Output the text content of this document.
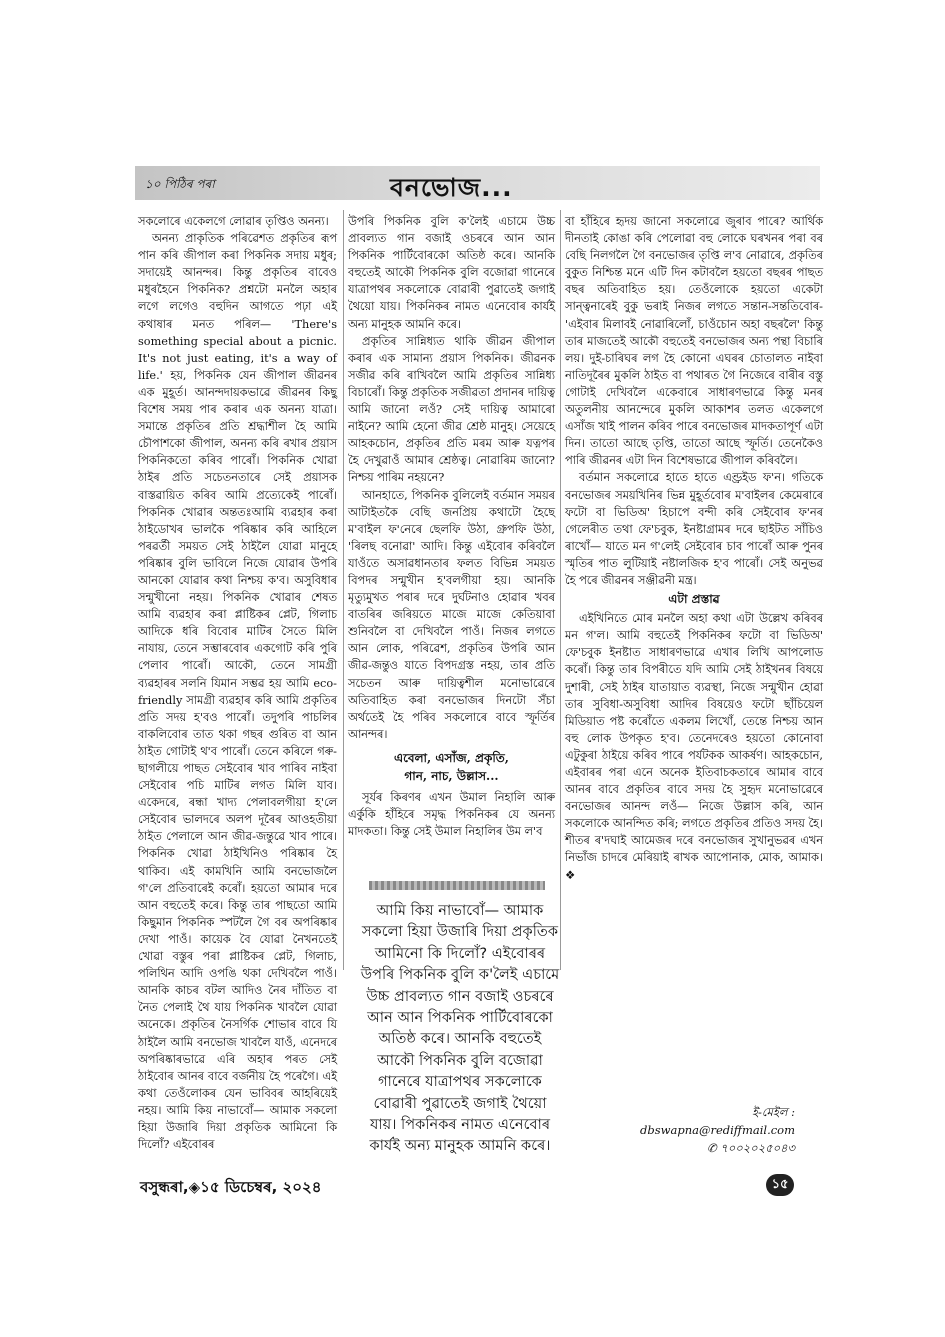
১০ পিঠিৰ পৰা	বনভোজ...

সকলোৰে একেলগে লোৱাৰ তৃপ্তিও অনন্য।

অনন্য প্ৰাকৃতিক পৰিৱেশত প্ৰকৃতিৰ ৰূপ পান কৰি জীপাল কৰা পিকনিক সদায় মধুৰ; সদায়েই আনন্দৰ। কিন্তু প্ৰকৃতিৰ বাবেও মধুৰহৈনে পিকনিক? প্ৰশ্নটো মনলৈ অহাৰ লগে লগেও বহুদিন আগতে পঢ়া এই কথাষাৰ মনত পৰিল— 'There's something special about a picnic. It's not just eating, it's a way of life.' হয়, পিকনিক যেন জীপাল জীৱনৰ এক মুহূৰ্ত। আনন্দদায়কভাৱে জীৱনৰ কিছু বিশেষ সময় পাৰ কৰাৰ এক অনন্য যাত্ৰা। সমান্তে প্ৰকৃতিৰ প্ৰতি শ্ৰদ্ধাশীল হৈ আমি চৌপাশকো জীপাল, অনন্য কৰি ৰখাৰ প্ৰয়াস পিকনিকতো কৰিব পাৰোঁ। পিকনিক খোৱা ঠাইৰ প্ৰতি সচেতনতাৰে সেই প্ৰয়াসক বাস্তৱায়িত কৰিব আমি প্ৰত্যেকেই পাৰোঁ। পিকনিক খোৱাৰ অন্ততঃআমি ব্যৱহাৰ কৰা ঠাইডোখৰ ভালকৈ পৰিষ্কাৰ কৰি আহিলে পৰৱৰ্তী সময়ত সেই ঠাইলৈ যোৱা মানুহে পৰিষ্কাৰ বুলি ভাবিলে নিজে যোৱাৰ উপৰি আনকো যোৱাৰ কথা নিশ্চয় ক'ব। অসুবিধাৰ সন্মুখীনো নহয়। পিকনিক খোৱাৰ শেষত আমি ব্যৱহাৰ কৰা প্লাষ্টিকৰ প্লেট, গিলাচ আদিকে ধৰি বিবোৰ মাটিৰ সৈতে মিলি নাযায়, তেনে সম্ভাৰবোৰ একগোট কৰি পুৰি পেলাব পাৰোঁ। আকৌ, তেনে সামগ্ৰী ব্যৱহাৰৰ সলনি যিমান সম্ভৱ হয় আমি eco-friendly সামগ্ৰী ব্যৱহাৰ কৰি আমি প্ৰকৃতিৰ প্ৰতি সদয় হ'বও পাৰোঁ। তদুপৰি পাচলিৰ বাকলিবোৰ তাত থকা গছৰ গুৰিত বা আন ঠাইত গোটাই থ'ব পাৰোঁ। তেনে কৰিলে গৰু-ছাগলীয়ে পাছত সেইবোৰ খাব পাৰিব নাইবা সেইবোৰ পচি মাটিৰ লগত মিলি যাব। একেদৰে, ৰন্ধা খাদ্য পেলাবলগীয়া হ'লে সেইবোৰ ভালদৰে অলপ দূৰৈৰ আওহতীয়া ঠাইত পেলালে আন জীৱ-জন্তুৱে খাব পাৰে। পিকনিক খোৱা ঠাইখিনিও পৰিষ্কাৰ হৈ থাকিব। এই কামখিনি আমি বনভোজলৈ গ'লে প্ৰতিবাৰেই কৰোঁ। হয়তো আমাৰ দৰে আন বহুতেই কৰে। কিন্তু তাৰ পাছতো আমি কিছুমান পিকনিক স্পটলৈ গৈ বৰ অপৰিষ্কাৰ দেখা পাওঁ। কায়েক বৈ যোৱা নৈখনতেই খোৱা বস্তুৰ পৰা প্লাষ্টিকৰ প্লেট, গিলাচ, পলিথিন আদি ওপঙি থকা দেখিবলৈ পাওঁ। আনকি কাচৰ বটল আদিও নৈৰ দাঁতিত বা নৈত পেলাই থৈ যায় পিকনিক খাবলৈ যোৱা অনেকে। প্ৰকৃতিৰ নৈসৰ্গিক শোভাৰ বাবে যি ঠাইলৈ আমি বনভোজ খাবলৈ যাওঁ, এনেদৰে অপৰিষ্কাৰভাৱে এৰি অহাৰ পৰত সেই ঠাইবোৰ আনৰ বাবে বৰ্জনীয় হৈ পৰেগৈ। এই কথা তেওঁলোকৰ যেন ভাবিবৰ আহৰিয়েই নহয়। আমি কিয় নাভাবোঁ— আমাক সকলো হিয়া উজাৰি দিয়া প্ৰকৃতিক আমিনো কি দিলোঁ? এইবোৰৰ

উপৰি পিকনিক বুলি ক'লৈই এচামে উচ্চ প্ৰাবল্যত গান বজাই ওচৰৰে আন আন পিকনিক পাৰ্টিবোৰকো অতিষ্ঠ কৰে। আনকি বহুতেই আকৌ পিকনিক বুলি বজোৱা গানেৰে যাত্ৰাপথৰ সকলোকে বোৱাৰী পুৱাতেই জগাই থৈয়ো যায়। পিকনিকৰ নামত এনেবোৰ কাৰ্যই অন্য মানুহক আমনি কৰে।

প্ৰকৃতিৰ সান্নিধ্যত থাকি জীৱন জীপাল কৰাৰ এক সামান্য প্ৰয়াস পিকনিক। জীৱনক সজীৱ কৰি ৰাখিবলৈ আমি প্ৰকৃতিৰ সান্নিধ্য বিচাৰোঁ। কিন্তু প্ৰকৃতিক সজীৱতা প্ৰদানৰ দায়িত্ব আমি জানো লওঁ? সেই দায়িত্ব আমাৰো নাইনে? আমি হেনো জীৱ শ্ৰেষ্ঠ মানুহ। সেয়েহে আহকচোন, প্ৰকৃতিৰ প্ৰতি মৰম আৰু যত্নপৰ হৈ দেখুৱাওঁ আমাৰ শ্ৰেষ্ঠত্ব। নোৱাৰিম জানো? নিশ্চয় পাৰিম নহয়নে?

আনহাতে, পিকনিক বুলিলেই বৰ্তমান সময়ৰ আটাইতকৈ বেছি জনপ্ৰিয় কথাটো হৈছে ম'বাইল ফ'নেৰে ছেলফি উঠা, গ্ৰুপফি উঠা, 'ৰিলছ বনোৱা' আদি। কিন্তু এইবোৰ কৰিবলৈ যাওঁতে অসাৱধানতাৰ ফলত বিভিন্ন সময়ত বিপদৰ সন্মুখীন হ'বলগীয়া হয়। আনকি মৃত্যুমুখত পৰাৰ দৰে দুৰ্ঘটনাও হোৱাৰ খবৰ বাতৰিৰ জৰিয়তে মাজে মাজে কেতিয়াবা শুনিবলৈ বা দেখিবলৈ পাওঁ। নিজৰ লগতে আন লোক, পৰিৱেশ, প্ৰকৃতিৰ উপৰি আন জীৱ-জন্তুও যাতে বিপদগ্ৰস্ত নহয়, তাৰ প্ৰতি সচেতন আৰু দায়িত্বশীল মনোভাৱেৰে অতিবাহিত কৰা বনভোজৰ দিনটো সঁচা অৰ্থতেই হৈ পৰিব সকলোৰে বাবে স্ফূৰ্তিৰ আনন্দৰ।

এবেলা, এসাঁজ, প্ৰকৃতি,
গান, নাচ, উল্লাস...

সূৰ্যৰ কিৰণৰ এখন উমাল নিহালি আৰু এৰ্কুকি হাঁহিৰে সমৃদ্ধ পিকনিকৰ যে অনন্য মাদকতা। কিন্তু সেই উমাল নিহালিৰ উম ল'ব

আমি কিয় নাভাবোঁ— আমাক সকলো হিয়া উজাৰি দিয়া প্ৰকৃতিক আমিনো কি দিলোঁ? এইবোৰৰ উপৰি পিকনিক বুলি ক'লৈই এচামে উচ্চ প্ৰাবল্যত গান বজাই ওচৰৰে আন আন পিকনিক পাৰ্টিবোৰকো অতিষ্ঠ কৰে। আনকি বহুতেই আকৌ পিকনিক বুলি বজোৱা গানেৰে যাত্ৰাপথৰ সকলোকে বোৱাৰী পুৱাতেই জগাই থৈয়ো যায়। পিকনিকৰ নামত এনেবোৰ কাৰ্যই অন্য মানুহক আমনি কৰে।

বা হাঁহিৰে হৃদয় জানো সকলোৱে জুৰাব পাৰে? আৰ্থিক দীনতাই কোঙা কৰি পেলোৱা বহু লোকে ঘৰখনৰ পৰা বৰ বেছি নিলগলৈ গৈ বনভোজৰ তৃপ্তি ল'ব নোৱাৰে, প্ৰকৃতিৰ বুকুত নিশ্চিন্ত মনে এটি দিন কটাবলৈ হয়তো বছৰৰ পাছত বছৰ অতিবাহিত হয়। তেওঁলোকে হয়তো একেটা সান্ত্বনাৰেই বুকু ভৰাই নিজৰ লগতে সন্তান-সন্ততিবোৰ- 'এইবাৰ মিলাবই নোৱাৰিলোঁ, চাওঁচোন অহা বছৰলৈ' কিন্তু তাৰ মাজতেই আকৌ বহুতেই বনভোজৰ অন্য পন্থা বিচাৰি লয়। দুই-চাৰিঘৰ লগ হৈ কোনো এঘৰৰ চোতালত নাইবা নাতিদূৰৈৰ মুকলি ঠাইত বা পথাৰত গৈ নিজেৰে বাৰীৰ বস্তু গোটাই দেখিবলৈ একেবাৰে সাধাৰণভাৱে কিন্তু মনৰ অতুলনীয় আনন্দেৰে মুকলি আকাশৰ তলত একেলগে এসাঁজ খাই পালন কৰিব পাৰে বনভোজৰ মাদকতাপূৰ্ণ এটা দিন। তাতো আছে তৃপ্তি, তাতো আছে স্ফূৰ্তি। তেনেকৈও পাৰি জীৱনৰ এটা দিন বিশেষভাৱে জীপাল কৰিবলৈ।

বৰ্তমান সকলোৱে হাতে হাতে এণ্ড্ৰইড ফ'ন। গতিকে বনভোজৰ সময়খিনিৰ ভিন্ন মুহূৰ্তবোৰ ম'বাইলৰ কেমেৰাৰে ফটো বা ভিডিঅ' হিচাপে বন্দী কৰি সেইবোৰ ফ'নৰ গেলেৰীত তথা ফে'চবুক, ইনষ্টাগ্ৰামৰ দৰে ছাইটত সাঁচিও ৰাখোঁ— যাতে মন গ'লেই সেইবোৰ চাব পাৰোঁ আৰু পুনৰ স্মৃতিৰ পাত লুটিয়াই নষ্টালজিক হ'ব পাৰোঁ। সেই অনুভৱ হৈ পৰে জীৱনৰ সঞ্জীৱনী মন্ত্ৰ।

এটা প্ৰস্তাৱ

এইখিনিতে মোৰ মনলৈ অহা কথা এটা উল্লেখ কৰিবৰ মন গ'ল। আমি বহুতেই পিকনিকৰ ফটো বা ভিডিঅ' ফে'চবুক ইনষ্টাত সাধাৰণভাৱে এখাৰ লিখি আপলোড কৰোঁ। কিন্তু তাৰ বিপৰীতে যদি আমি সেই ঠাইখনৰ বিষয়ে দুশাৰী, সেই ঠাইৰ যাতায়াত ব্যৱস্থা, নিজে সন্মুখীন হোৱা তাৰ সুবিধা-অসুবিধা আদিৰ বিষয়েও ফটো ছাঁচিয়েল মিডিয়াত পষ্ট কৰোঁতে একলম লিখোঁ, তেন্তে নিশ্চয় আন বহু লোক উপকৃত হ'ব। তেনেদৰেও হয়তো কোনোবা এটুকুৰা ঠাইয়ে কৰিব পাৰে পৰ্যটকক আকৰ্ষণ। আহকচোন, এইবাৰৰ পৰা এনে অনেক ইতিবাচকতাৰে আমাৰ বাবে আনৰ বাবে প্ৰকৃতিৰ বাবে সদয় হৈ সুহৃদ মনোভাৱেৰে বনভোজৰ আনন্দ লওঁ— নিজে উল্লাস কৰি, আন সকলোকে আনন্দিত কৰি; লগতে প্ৰকৃতিৰ প্ৰতিও সদয় হৈ। শীতৰ ৰ'দঘাই আমেজৰ দৰে বনভোজৰ সুখানুভৱৰ এখন নিভাঁজ চাদৰে মেৰিয়াই ৰাখক আপোনাক, মোক, আমাক। ❖

ই-মেইল :
dbswapna@rediffmail.com
✆ ৭০০২০২৫০৪৩
বসুন্ধৰা,◈১৫ ডিচেম্বৰ, ২০২৪	১৫
